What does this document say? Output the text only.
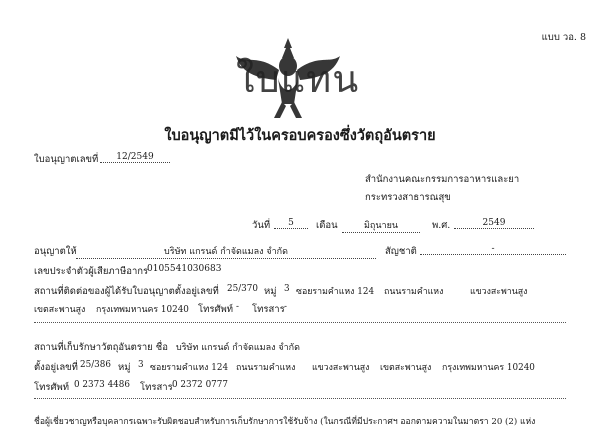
แบบ วอ. 8
ใบแทน
ใบอนุญาตมีไว้ในครอบครองซึ่งวัตถุอันตราย
ใบอนุญาตเลขที่	12/2549
สำนักงานคณะกรรมการอาหารและยา
กระทรวงสาธารณสุข
วันที่	5	เดือน	มิถุนายน	พ.ศ.	2549
อนุญาตให้	บริษัท แกรนด์ กำจัดแมลง จำกัด	สัญชาติ	-
เลขประจำตัวผู้เสียภาษีอากร
0105541030683
สถานที่ติดต่อของผู้ได้รับใบอนุญาตตั้งอยู่เลขที่ 25/370 หมู่ 3 ซอยรามคำแหง 124 ถนนรามคำแหง	แขวงสะพานสูง
เขตสะพานสูง กรุงเทพมหานคร 10240 โทรศัพท์ - โทรสาร -
สถานที่เก็บรักษาวัตถุอันตราย ชื่อ บริษัท แกรนด์ กำจัดแมลง จำกัด
ตั้งอยู่เลขที่ 25/386 หมู่ 3 ซอยรามคำแหง 124 ถนนรามคำแหง แขวงสะพานสูง เขตสะพานสูง กรุงเทพมหานคร 10240
โทรศัพท์ 0 2373 4486 โทรสาร 0 2372 0777
ชื่อผู้เชี่ยวชาญหรือบุคลากรเฉพาะรับผิดชอบสำหรับการเก็บรักษาการใช้รับจ้าง (ในกรณีที่มีประกาศฯ ออกตามความในมาตรา 20 (2) แห่ง
